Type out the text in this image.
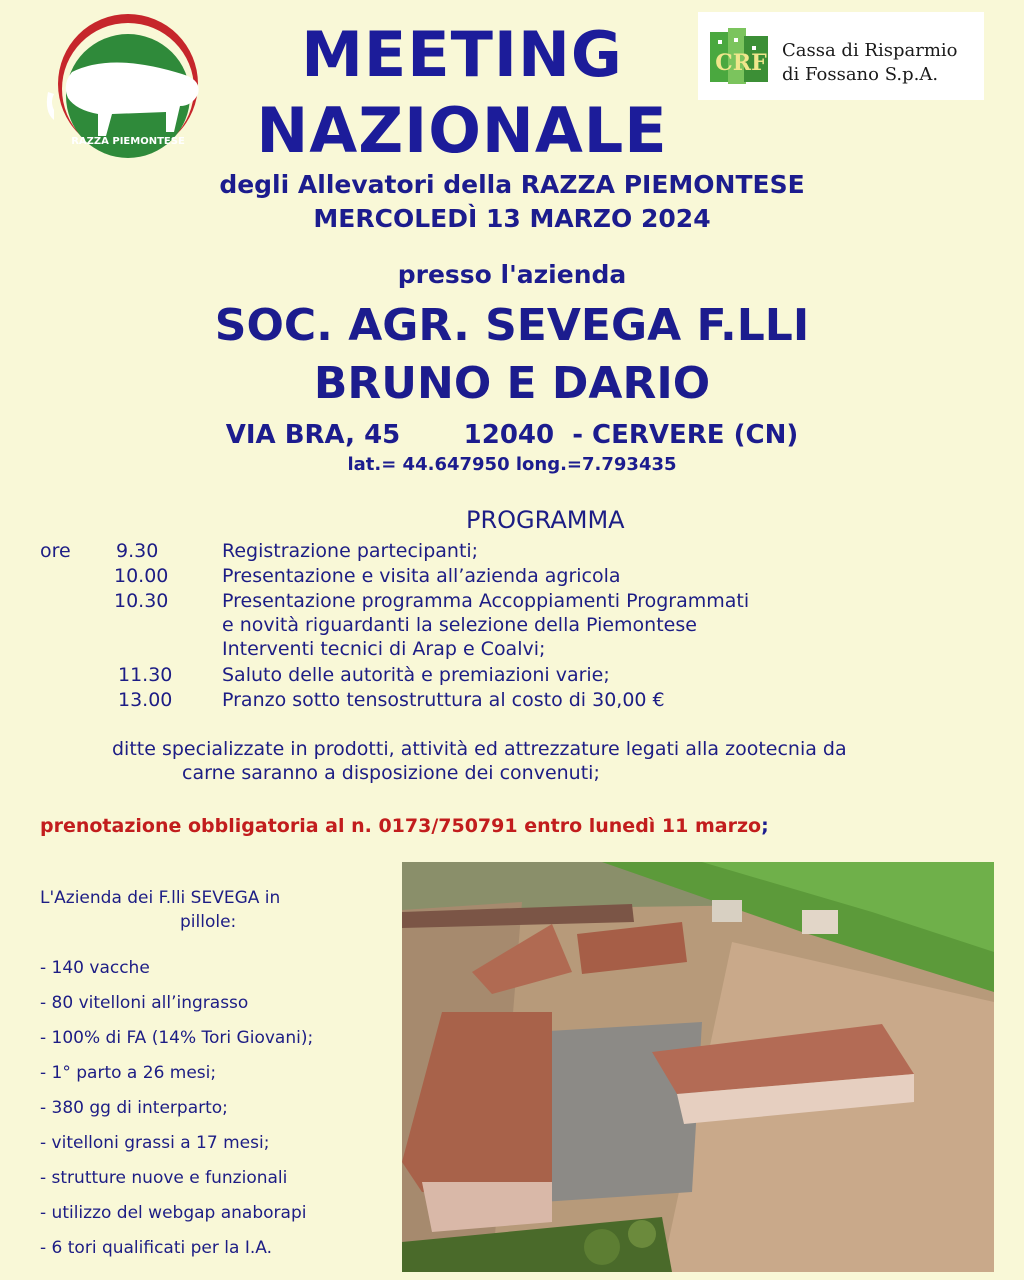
RAZZA PIEMONTESE
CRF Cassa di Risparmio
di Fossano S.p.A.
MEETING
NAZIONALE
degli Allevatori della RAZZA PIEMONTESE
MERCOLEDÌ 13 MARZO 2024
presso l'azienda
SOC. AGR. SEVEGA F.LLI
BRUNO E DARIO
VIA BRA, 45       12040  - CERVERE (CN)
lat.= 44.647950 long.=7.793435
PROGRAMMA
ore 9.30	Registrazione partecipanti;
10.00	Presentazione e visita all’azienda agricola
10.30	Presentazione programma Accoppiamenti Programmati
e novità riguardanti la selezione della Piemontese
Interventi tecnici di Arap e Coalvi;
11.30	Saluto delle autorità e premiazioni varie;
13.00	Pranzo sotto tensostruttura al costo di 30,00 €
ditte specializzate in prodotti, attività ed attrezzature legati alla zootecnia da
carne saranno a disposizione dei convenuti;
prenotazione obbligatoria al n. 0173/750791 entro lunedì 11 marzo;
L'Azienda dei F.lli SEVEGA in
pillole:
- 140 vacche
- 80 vitelloni all’ingrasso
- 100% di FA (14% Tori Giovani);
- 1° parto a 26 mesi;
- 380 gg di interparto;
- vitelloni grassi a 17 mesi;
- strutture nuove e funzionali
- utilizzo del webgap anaborapi
- 6 tori qualificati per la I.A.
